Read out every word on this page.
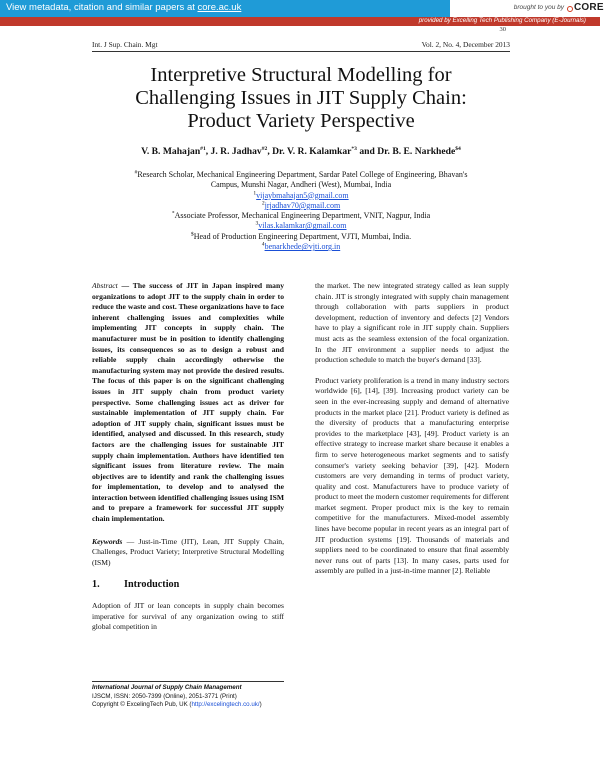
View metadata, citation and similar papers at core.ac.uk	brought to you by CORE
provided by Excelling Tech Publishing Company (E-Journals)
30
Int. J Sup. Chain. Mgt	Vol. 2, No. 4, December 2013
Interpretive Structural Modelling for
Challenging Issues in JIT Supply Chain:
Product Variety Perspective
V. B. Mahajan$^{\#1}$, J. R. Jadhav$^{\#2}$, Dr. V. R. Kalamkar$^{*3}$ and Dr. B. E. Narkhede$^{\$4}$
#Research Scholar, Mechanical Engineering Department, Sardar Patel College of Engineering, Bhavan's
Campus, Munshi Nagar, Andheri (West), Mumbai, India
$^1$vijaybmahajan5@gmail.com
$^2$jrjadhav70@gmail.com
*Associate Professor, Mechanical Engineering Department, VNIT, Nagpur, India
$^3$vilas.kalamkar@gmail.com
$Head of Production Engineering Department, VJTI, Mumbai, India.
$^4$benarkhede@vjti.org.in

Abstract — The success of JIT in Japan inspired many organizations to adopt JIT to the supply chain in order to reduce the waste and cost. These organizations have to face inherent challenging issues and complexities while implementing JIT concepts in supply chain. The manufacturer must be in position to identify challenging issues, its consequences so as to design a robust and reliable supply chain accordingly otherwise the manufacturing system may not provide the desired results. The focus of this paper is on the significant challenging issues in JIT supply chain from product variety perspective. Some challenging issues act as driver for sustainable implementation of JIT supply chain. For adoption of JIT supply chain, significant issues must be identified, analysed and discussed. In this research, study factors are the challenging issues for sustainable JIT supply chain implementation. Authors have identified ten significant issues from literature review. The main objectives are to identify and rank the challenging issues for implementation, to develop and to analysed the interaction between identified challenging issues using ISM and to prepare a framework for successful JIT supply chain implementation.

Keywords — Just-in-Time (JIT), Lean, JIT Supply Chain, Challenges, Product Variety; Interpretive Structural Modelling (ISM)

1. Introduction

Adoption of JIT or lean concepts in supply chain becomes imperative for survival of any organization owing to stiff global competition in

International Journal of Supply Chain Management
IJSCM, ISSN: 2050-7399 (Online), 2051-3771 (Print)
Copyright © ExcelingTech Pub, UK (http://excelingtech.co.uk/)

the market. The new integrated strategy called as lean supply chain. JIT is strongly integrated with supply chain management through collaboration with parts suppliers in product development, reduction of inventory and defects [2] Vendors have to play a significant role in JIT supply chain. Suppliers must acts as the seamless extension of the focal organization. In the JIT environment a supplier needs to adjust the production schedule to match the buyer's demand [33].

Product variety proliferation is a trend in many industry sectors worldwide [6], [14], [39]. Increasing product variety can be seen in the ever-increasing supply and demand of alternative products in the market place [21]. Product variety is defined as the diversity of products that a manufacturing enterprise provides to the marketplace [43], [49]. Product variety is an effective strategy to increase market share because it enables a firm to serve heterogeneous market segments and to satisfy consumer's variety seeking behavior [39], [42]. Modern customers are very demanding in terms of product variety, quality and cost. Manufacturers have to produce variety of product to meet the modern customer requirements for different market segment. Proper product mix is the key to remain competitive for the manufacturers. Mixed-model assembly lines have become popular in recent years as an integral part of JIT production systems [19]. Thousands of materials and suppliers need to be coordinated to ensure that final assembly never runs out of parts [13]. In many cases, parts used for assembly are pulled in a just-in-time manner [2]. Reliable
